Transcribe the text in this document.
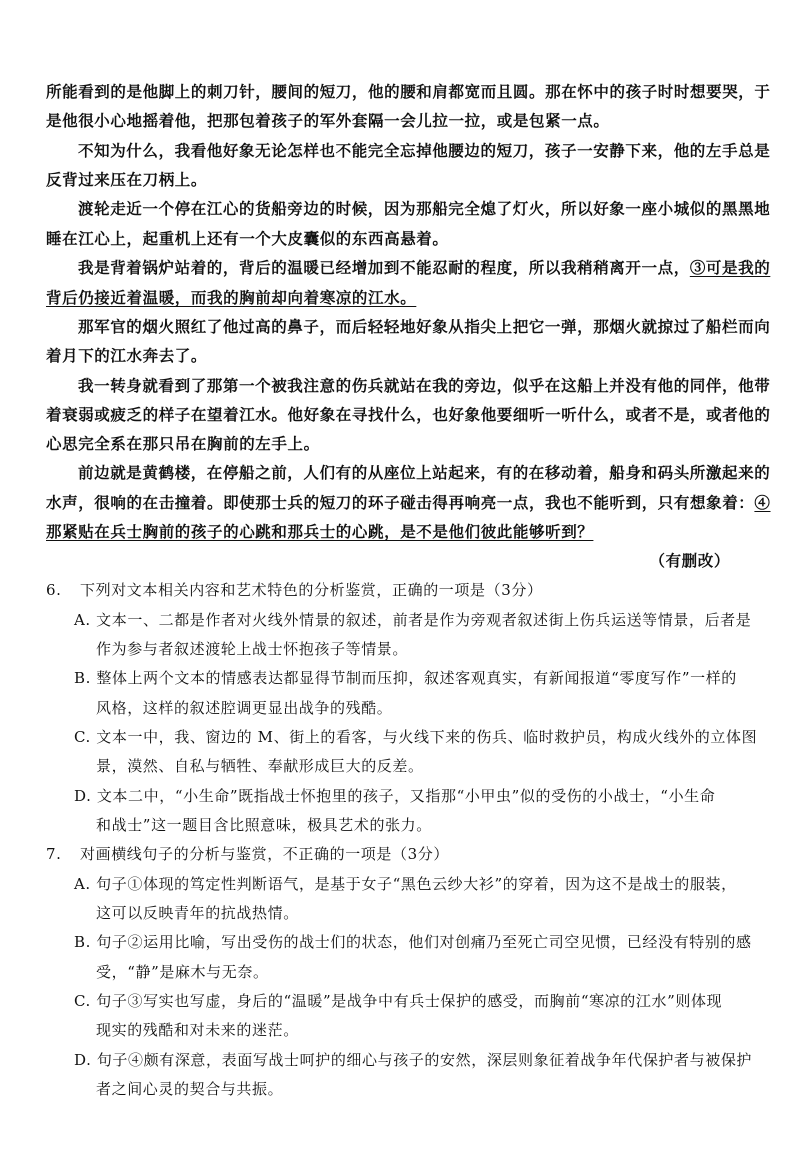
所能看到的是他脚上的刺刀针，腰间的短刀，他的腰和肩都宽而且圆。那在怀中的孩子时时想要哭，于
是他很小心地摇着他，把那包着孩子的军外套隔一会儿拉一拉，或是包紧一点。
不知为什么，我看他好象无论怎样也不能完全忘掉他腰边的短刀，孩子一安静下来，他的左手总是
反背过来压在刀柄上。
渡轮走近一个停在江心的货船旁边的时候，因为那船完全熄了灯火，所以好象一座小城似的黑黑地
睡在江心上，起重机上还有一个大皮囊似的东西高悬着。
我是背着锅炉站着的，背后的温暖已经增加到不能忍耐的程度，所以我稍稍离开一点，③可是我的
背后仍接近着温暖，而我的胸前却向着寒凉的江水。
那军官的烟火照红了他过高的鼻子，而后轻轻地好象从指尖上把它一弹，那烟火就掠过了船栏而向
着月下的江水奔去了。
我一转身就看到了那第一个被我注意的伤兵就站在我的旁边，似乎在这船上并没有他的同伴，他带
着衰弱或疲乏的样子在望着江水。他好象在寻找什么，也好象他要细听一听什么，或者不是，或者他的
心思完全系在那只吊在胸前的左手上。
前边就是黄鹤楼，在停船之前，人们有的从座位上站起来，有的在移动着，船身和码头所激起来的
水声，很响的在击撞着。即使那士兵的短刀的环子碰击得再响亮一点，我也不能听到，只有想象着：④
那紧贴在兵士胸前的孩子的心跳和那兵士的心跳，是不是他们彼此能够听到？
（有删改）
6.	下列对文本相关内容和艺术特色的分析鉴赏，正确的一项是（3分）
A. 文本一、二都是作者对火线外情景的叙述，前者是作为旁观者叙述街上伤兵运送等情景，后者是
作为参与者叙述渡轮上战士怀抱孩子等情景。
B. 整体上两个文本的情感表达都显得节制而压抑，叙述客观真实，有新闻报道“零度写作”一样的
风格，这样的叙述腔调更显出战争的残酷。
C. 文本一中，我、窗边的 M、街上的看客，与火线下来的伤兵、临时救护员，构成火线外的立体图
景，漠然、自私与牺牲、奉献形成巨大的反差。
D. 文本二中，“小生命”既指战士怀抱里的孩子，又指那“小甲虫”似的受伤的小战士，“小生命
和战士”这一题目含比照意味，极具艺术的张力。
7.	对画横线句子的分析与鉴赏，不正确的一项是（3分）
A. 句子①体现的笃定性判断语气，是基于女子“黑色云纱大衫”的穿着，因为这不是战士的服装，
这可以反映青年的抗战热情。
B. 句子②运用比喻，写出受伤的战士们的状态，他们对创痛乃至死亡司空见惯，已经没有特别的感
受，“静”是麻木与无奈。
C. 句子③写实也写虚，身后的“温暖”是战争中有兵士保护的感受，而胸前“寒凉的江水”则体现
现实的残酷和对未来的迷茫。
D. 句子④颇有深意，表面写战士呵护的细心与孩子的安然，深层则象征着战争年代保护者与被保护
者之间心灵的契合与共振。
